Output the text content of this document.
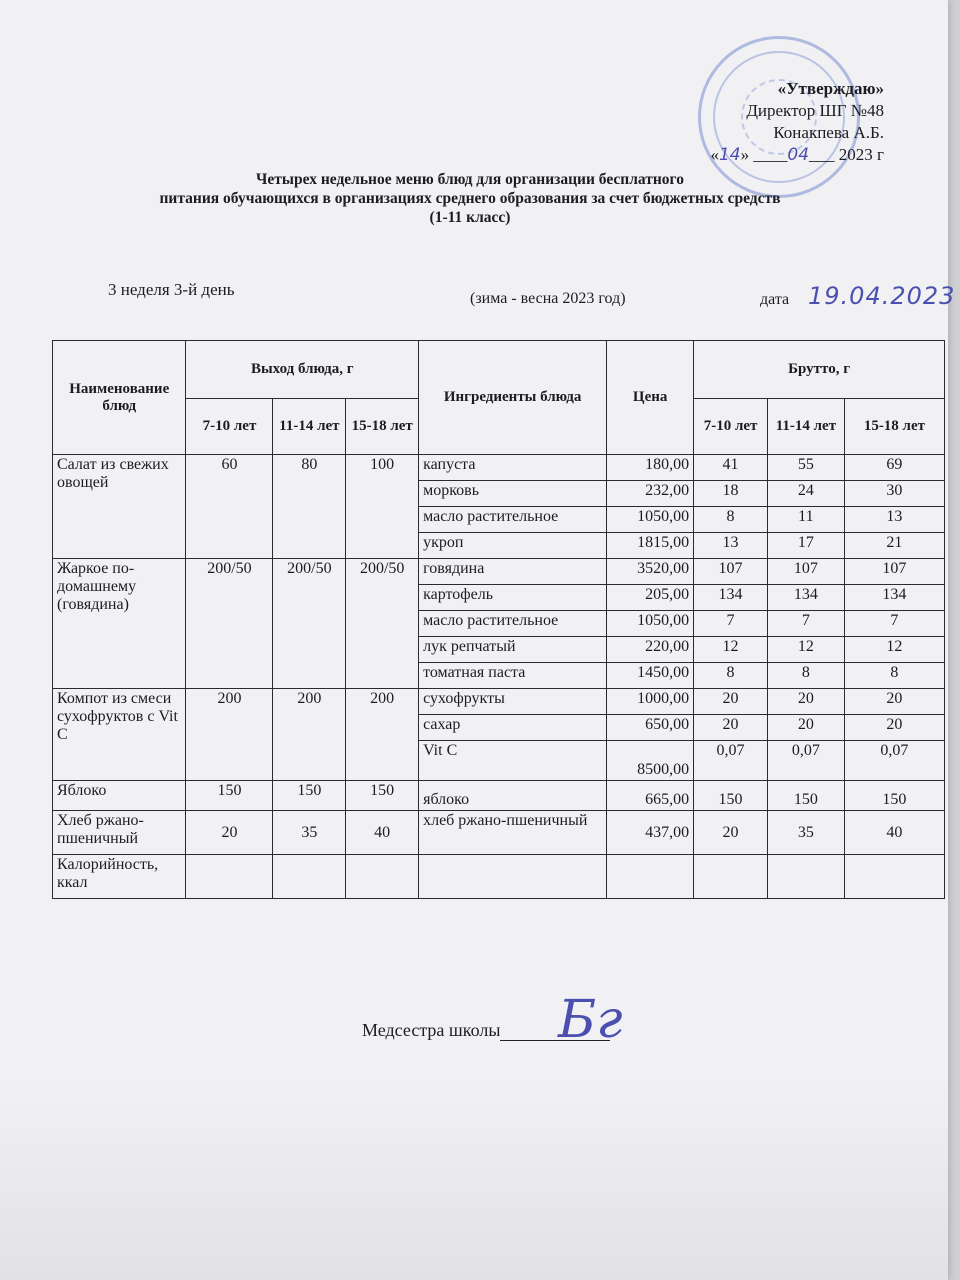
«Утверждаю»
Директор ШГ №48
Конакпева А.Б.
«14» ____04___ 2023 г
Четырех недельное меню блюд для организации бесплатного
питания обучающихся в организациях среднего образования за счет бюджетных средств
(1-11 класс)
3 неделя 3-й день	(зима - весна 2023 год)	дата 19.04.2023
Наименование блюд	Выход блюда, г			Ингредиенты блюда	Цена	Брутто, г		
	7-10 лет	11-14 лет	15-18 лет			7-10 лет	11-14 лет	15-18 лет
Салат из свежих овощей	60	80	100	капуста	180,00	41	55	69
				морковь	232,00	18	24	30
				масло растительное	1050,00	8	11	13
				укроп	1815,00	13	17	21
Жаркое по-домашнему (говядина)	200/50	200/50	200/50	говядина	3520,00	107	107	107
				картофель	205,00	134	134	134
				масло растительное	1050,00	7	7	7
				лук репчатый	220,00	12	12	12
				томатная паста	1450,00	8	8	8
Компот из смеси сухофруктов с Vit C	200	200	200	сухофрукты	1000,00	20	20	20
				сахар	650,00	20	20	20
				Vit C	8500,00	0,07	0,07	0,07
Яблоко	150	150	150	яблоко	665,00	150	150	150
Хлеб ржано-пшеничный	20	35	40	хлеб ржано-пшеничный	437,00	20	35	40
Калорийность, ккал								
Медсестра школы	Бг
